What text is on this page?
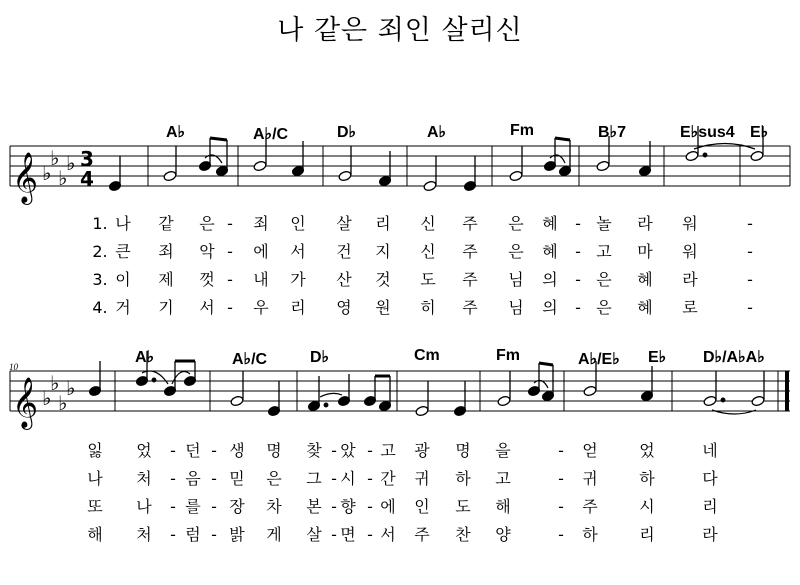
나 같은 죄인 살리신
10
A♭	A♭/C	D♭	A♭	Fm	B♭7	E♭sus4 E♭
A♭	A♭/C	D♭	Cm	Fm	A♭/E♭ E♭ D♭/A♭A♭
𝄞
𝄞
♭
♭
♭
♭
♭
♭
♭
♭
3
4
1. 나 같 은 - 죄 인 살 리 신 주 은 혜 - 놀 라 워	-
2. 큰 죄 악 - 에 서 건 지 신 주 은 혜 - 고 마 워	-
3. 이 제 껏 - 내 가 산 것 도 주 님 의 - 은 혜 라	-
4. 거 기 서 - 우 리 영 원 히 주 님 의 - 은 혜 로	-
잃 었 - 던 - 생 명 찾 - 았 - 고 광 명 을	- 얻	었	네
나 처 - 음 - 믿 은 그 - 시 - 간 귀 하 고	- 귀	하	다
또 나 - 를 - 장 차 본 - 향 - 에 인 도 해	- 주	시	리
해 처 - 럼 - 밝 게 살 - 면 - 서 주 찬 양	- 하	리	라
